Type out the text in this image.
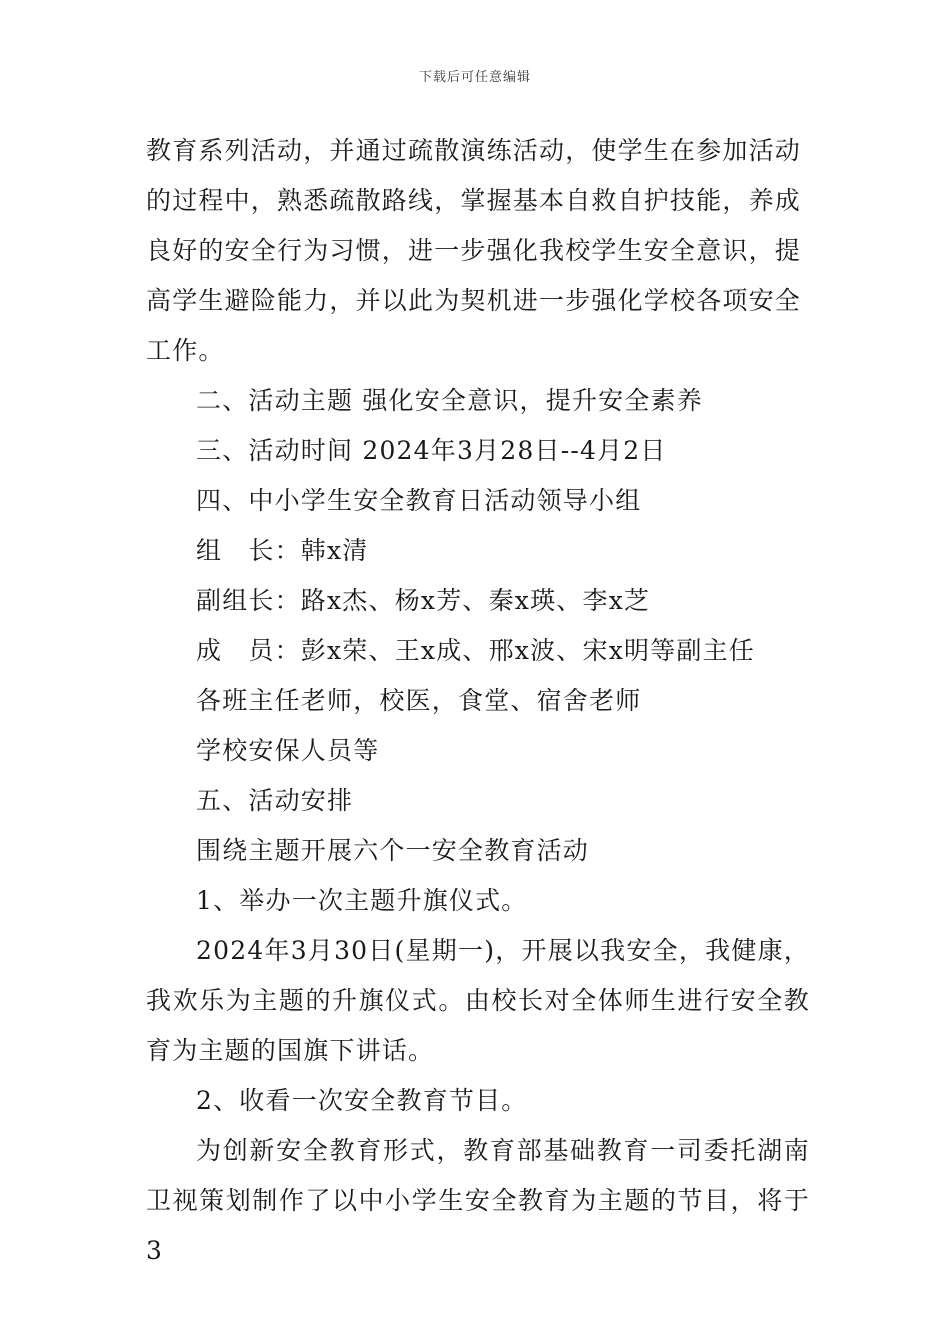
下载后可任意编辑

教育系列活动，并通过疏散演练活动，使学生在参加活动的过程中，熟悉疏散路线，掌握基本自救自护技能，养成良好的安全行为习惯，进一步强化我校学生安全意识，提高学生避险能力，并以此为契机进一步强化学校各项安全工作。

二、活动主题 强化安全意识，提升安全素养

三、活动时间 2024年3月28日--4月2日

四、中小学生安全教育日活动领导小组

组　长：韩x清

副组长：路x杰、杨x芳、秦x瑛、李x芝

成　员：彭x荣、王x成、邢x波、宋x明等副主任

各班主任老师，校医，食堂、宿舍老师

学校安保人员等

五、活动安排

围绕主题开展六个一安全教育活动

1、举办一次主题升旗仪式。

2024年3月30日(星期一)，开展以我安全，我健康，我欢乐为主题的升旗仪式。由校长对全体师生进行安全教育为主题的国旗下讲话。

2、收看一次安全教育节目。

为创新安全教育形式，教育部基础教育一司委托湖南卫视策划制作了以中小学生安全教育为主题的节目，将于3
